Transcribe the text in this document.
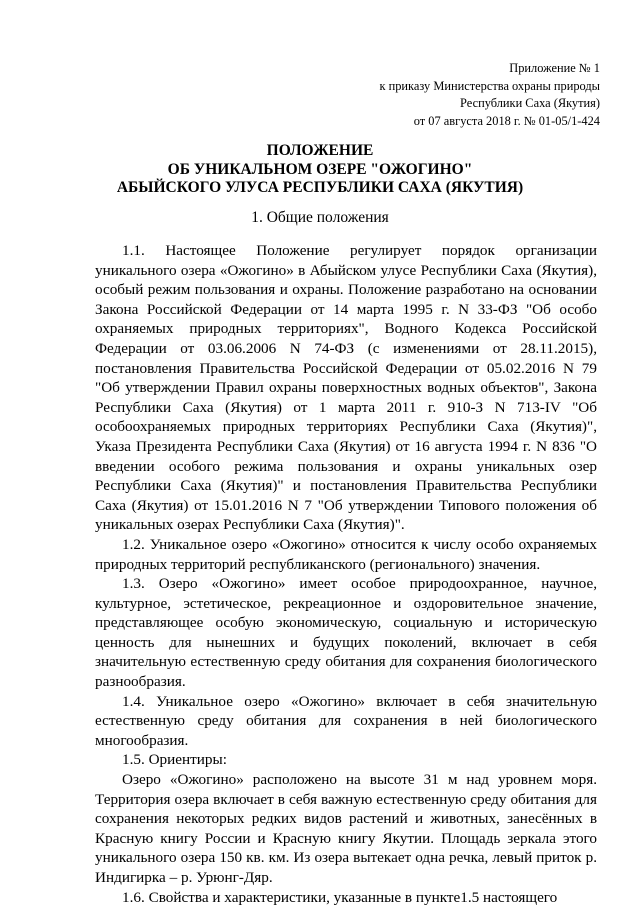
Приложение № 1
к приказу Министерства охраны природы
Республики Саха (Якутия)
от 07 августа 2018 г. № 01-05/1-424
ПОЛОЖЕНИЕ
ОБ УНИКАЛЬНОМ ОЗЕРЕ "ОЖОГИНО"
АБЫЙСКОГО УЛУСА РЕСПУБЛИКИ САХА (ЯКУТИЯ)
1. Общие положения

1.1. Настоящее Положение регулирует порядок организации уникального озера «Ожогино» в Абыйском улусе Республики Саха (Якутия), особый режим пользования и охраны. Положение разработано на основании Закона Российской Федерации от 14 марта 1995 г. N 33-ФЗ "Об особо охраняемых природных территориях", Водного Кодекса Российской Федерации от 03.06.2006 N 74-ФЗ (с изменениями от 28.11.2015), постановления Правительства Российской Федерации от 05.02.2016 N 79 "Об утверждении Правил охраны поверхностных водных объектов", Закона Республики Саха (Якутия) от 1 марта 2011 г. 910-З N 713-IV "Об особоохраняемых природных территориях Республики Саха (Якутия)", Указа Президента Республики Саха (Якутия) от 16 августа 1994 г. N 836 "О введении особого режима пользования и охраны уникальных озер Республики Саха (Якутия)" и постановления Правительства Республики Саха (Якутия) от 15.01.2016 N 7 "Об утверждении Типового положения об уникальных озерах Республики Саха (Якутия)".

1.2. Уникальное озеро «Ожогино» относится к числу особо охраняемых природных территорий республиканского (регионального) значения.

1.3. Озеро «Ожогино» имеет особое природоохранное, научное, культурное, эстетическое, рекреационное и оздоровительное значение, представляющее особую экономическую, социальную и историческую ценность для нынешних и будущих поколений, включает в себя значительную естественную среду обитания для сохранения биологического разнообразия.

1.4. Уникальное озеро «Ожогино» включает в себя значительную естественную среду обитания для сохранения в ней биологического многообразия.

1.5. Ориентиры:

Озеро «Ожогино» расположено на высоте 31 м над уровнем моря. Территория озера включает в себя важную естественную среду обитания для сохранения некоторых редких видов растений и животных, занесённых в Красную книгу России и Красную книгу Якутии. Площадь зеркала этого уникального озера 150 кв. км. Из озера вытекает одна речка, левый приток р. Индигирка – р. Урюнг-Дяр.

1.6. Свойства и характеристики, указанные в пункте1.5 настоящего
